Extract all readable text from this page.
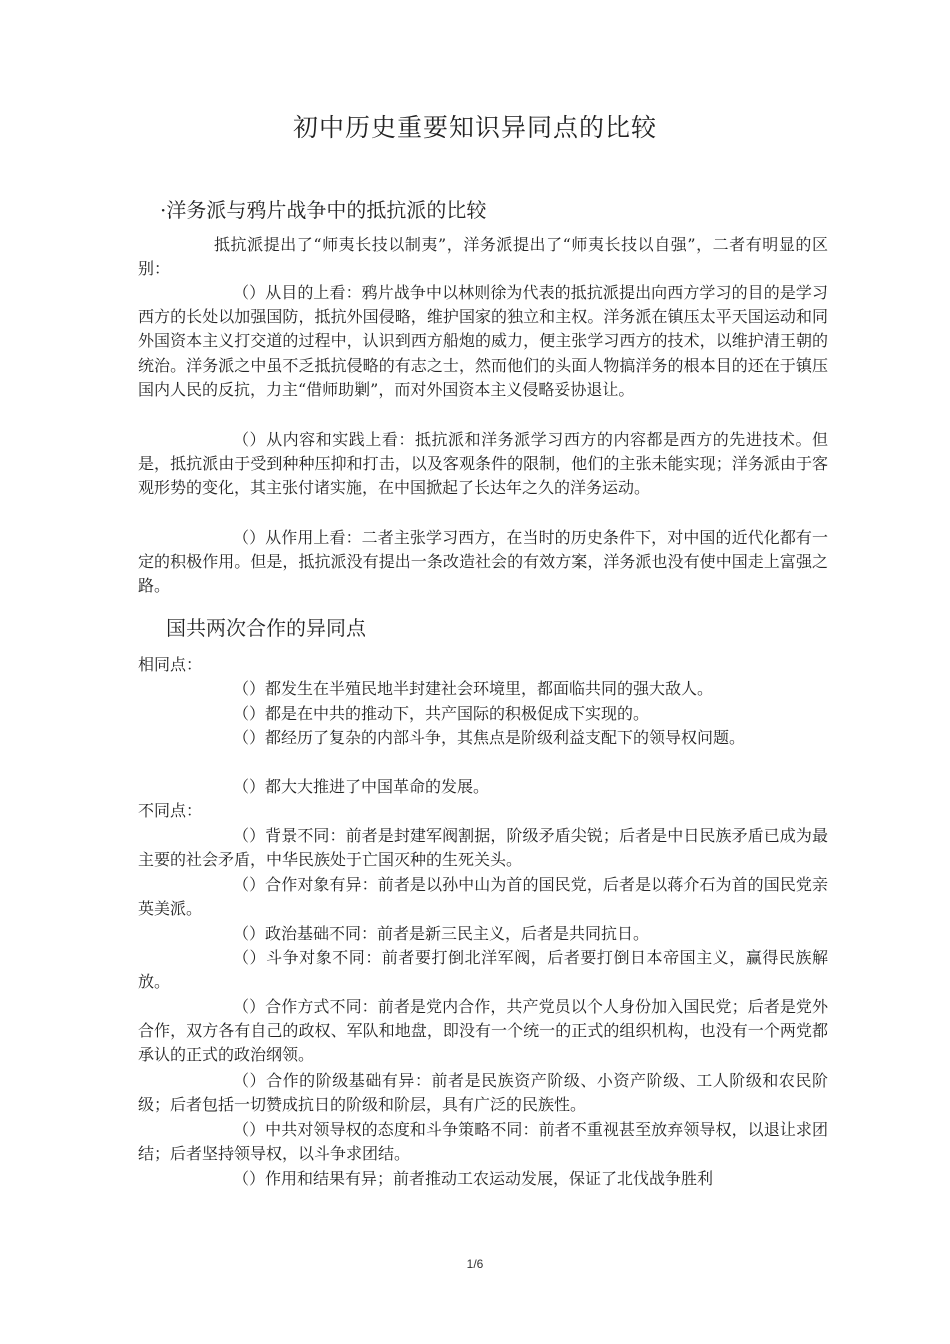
初中历史重要知识异同点的比较
·洋务派与鸦片战争中的抵抗派的比较
抵抗派提出了“师夷长技以制夷”，洋务派提出了“师夷长技以自强”，二者有明显的区别：
（）从目的上看：鸦片战争中以林则徐为代表的抵抗派提出向西方学习的目的是学习西方的长处以加强国防，抵抗外国侵略，维护国家的独立和主权。洋务派在镇压太平天国运动和同外国资本主义打交道的过程中，认识到西方船炮的威力，便主张学习西方的技术，以维护清王朝的统治。洋务派之中虽不乏抵抗侵略的有志之士，然而他们的头面人物搞洋务的根本目的还在于镇压国内人民的反抗，力主“借师助剿”，而对外国资本主义侵略妥协退让。
（）从内容和实践上看：抵抗派和洋务派学习西方的内容都是西方的先进技术。但是，抵抗派由于受到种种压抑和打击，以及客观条件的限制，他们的主张未能实现；洋务派由于客观形势的变化，其主张付诸实施，在中国掀起了长达年之久的洋务运动。
（）从作用上看：二者主张学习西方，在当时的历史条件下，对中国的近代化都有一定的积极作用。但是，抵抗派没有提出一条改造社会的有效方案，洋务派也没有使中国走上富强之路。
国共两次合作的异同点
相同点：
（）都发生在半殖民地半封建社会环境里，都面临共同的强大敌人。
（）都是在中共的推动下，共产国际的积极促成下实现的。
（）都经历了复杂的内部斗争，其焦点是阶级利益支配下的领导权问题。
（）都大大推进了中国革命的发展。
不同点：
（）背景不同：前者是封建军阀割据，阶级矛盾尖锐；后者是中日民族矛盾已成为最主要的社会矛盾，中华民族处于亡国灭种的生死关头。
（）合作对象有异：前者是以孙中山为首的国民党，后者是以蒋介石为首的国民党亲英美派。
（）政治基础不同：前者是新三民主义，后者是共同抗日。
（）斗争对象不同：前者要打倒北洋军阀，后者要打倒日本帝国主义，赢得民族解放。
（）合作方式不同：前者是党内合作，共产党员以个人身份加入国民党；后者是党外合作，双方各有自己的政权、军队和地盘，即没有一个统一的正式的组织机构，也没有一个两党都承认的正式的政治纲领。
（）合作的阶级基础有异：前者是民族资产阶级、小资产阶级、工人阶级和农民阶级；后者包括一切赞成抗日的阶级和阶层，具有广泛的民族性。
（）中共对领导权的态度和斗争策略不同：前者不重视甚至放弃领导权，以退让求团结；后者坚持领导权，以斗争求团结。
（）作用和结果有异；前者推动工农运动发展，保证了北伐战争胜利
1/6
